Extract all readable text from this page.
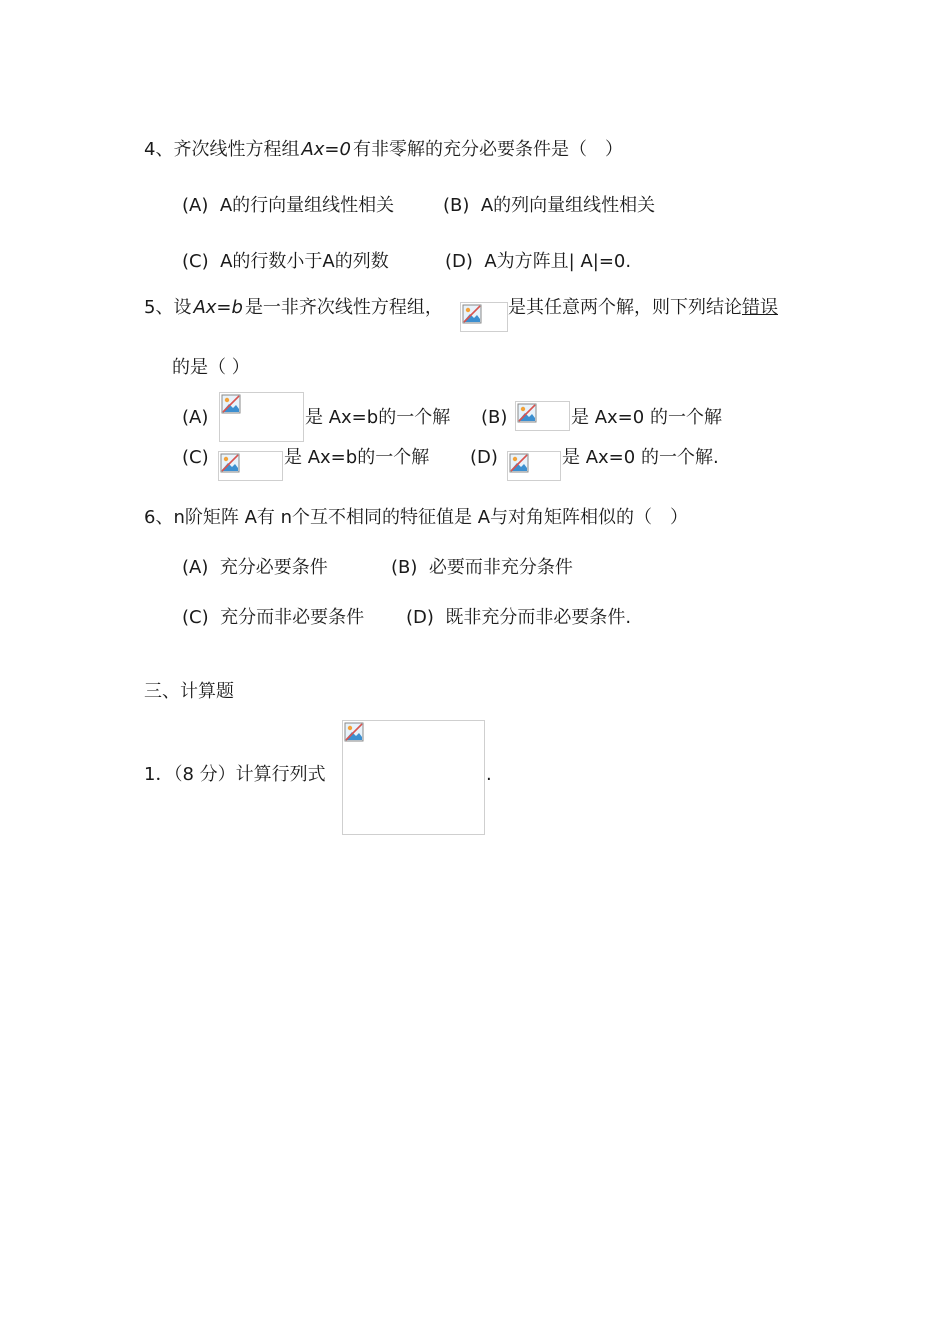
4、齐次线性方程组 Ax=0 有非零解的充分必要条件是（　）
(A) A的行向量组线性相关	(B) A的列向量组线性相关
(C) A的行数小于A的列数	(D) A为方阵且| A|=0.
5、设 Ax=b 是一非齐次线性方程组，	是其任意两个解，则下列结论错误
的是（ ）
(A)	是 Ax=b的一个解 (B)	是 Ax=0 的一个解
(C)	是 Ax=b的一个解 (D)	是 Ax=0 的一个解.
6、n阶矩阵 A有 n个互不相同的特征值是 A与对角矩阵相似的（　）
(A) 充分必要条件	(B) 必要而非充分条件
(C) 充分而非必要条件 (D) 既非充分而非必要条件.
三、计算题
1．（8 分）计算行列式	.
